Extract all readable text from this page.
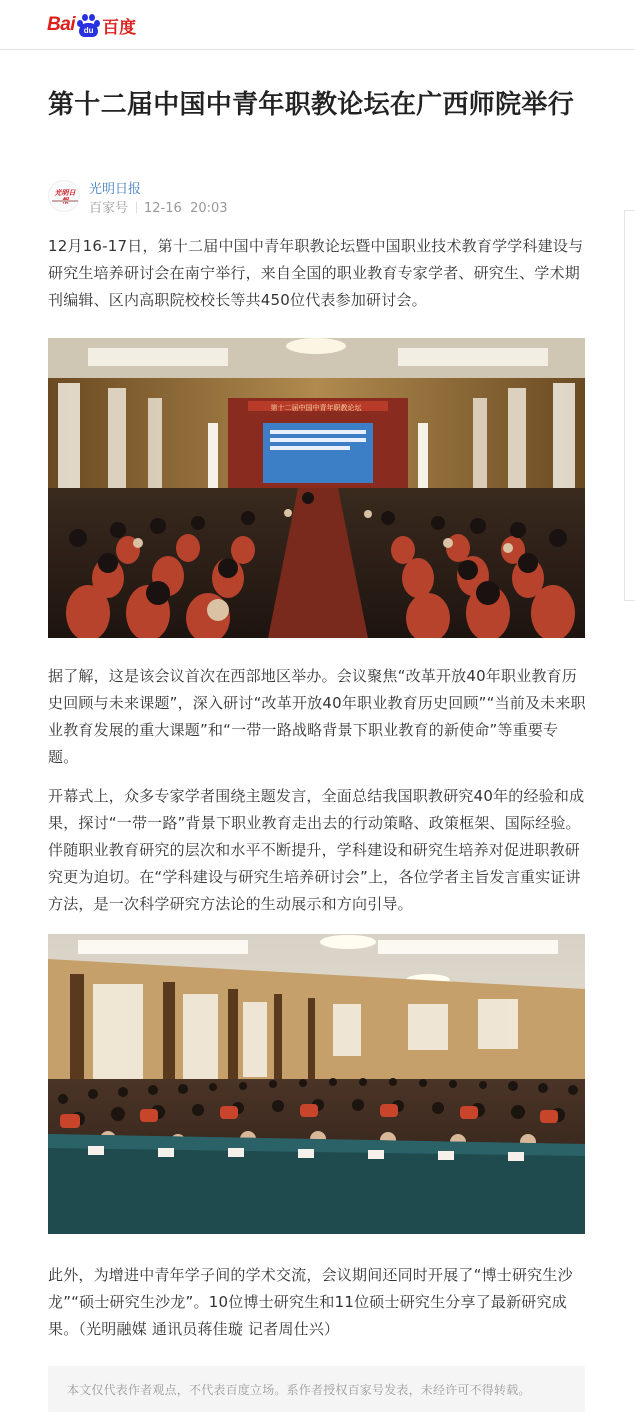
Bai	du 百度
第十二届中国中青年职教论坛在广西师院举行
光明日 光明日报
百家号 12-16 20:03

12月16-17日，第十二届中国中青年职教论坛暨中国职业技术教育学学科建设与研究生培养研讨会在南宁举行，来自全国的职业教育专家学者、研究生、学术期刊编辑、区内高职院校校长等共450位代表参加研讨会。

第十二届中国中青年职教论坛

据了解，这是该会议首次在西部地区举办。会议聚焦“改革开放40年职业教育历史回顾与未来课题”，深入研讨“改革开放40年职业教育历史回顾”“当前及未来职业教育发展的重大课题”和“一带一路战略背景下职业教育的新使命”等重要专题。

开幕式上，众多专家学者围绕主题发言，全面总结我国职教研究40年的经验和成果，探讨“一带一路”背景下职业教育走出去的行动策略、政策框架、国际经验。伴随职业教育研究的层次和水平不断提升，学科建设和研究生培养对促进职教研究更为迫切。在“学科建设与研究生培养研讨会”上，各位学者主旨发言重实证讲方法，是一次科学研究方法论的生动展示和方向引导。

此外，为增进中青年学子间的学术交流，会议期间还同时开展了“博士研究生沙龙”“硕士研究生沙龙”。10位博士研究生和11位硕士研究生分享了最新研究成果。（光明融媒 通讯员蒋佳璇 记者周仕兴）

本文仅代表作者观点，不代表百度立场。系作者授权百家号发表，未经许可不得转载。
